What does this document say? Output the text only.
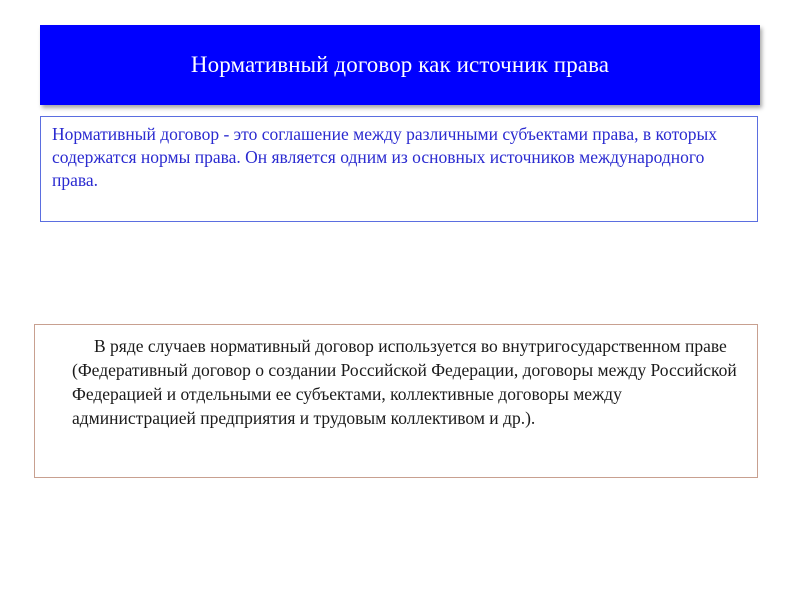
Нормативный договор как источник права

Нормативный договор - это соглашение между различными субъектами права, в которых содержатся нормы права. Он является одним из основных источников международного права.

В ряде случаев нормативный договор используется во внутригосударственном праве (Федеративный договор о создании Российской Федерации, договоры между Российской Федерацией и отдельными ее субъектами, коллективные договоры между администрацией предприятия и трудовым коллективом и др.).
